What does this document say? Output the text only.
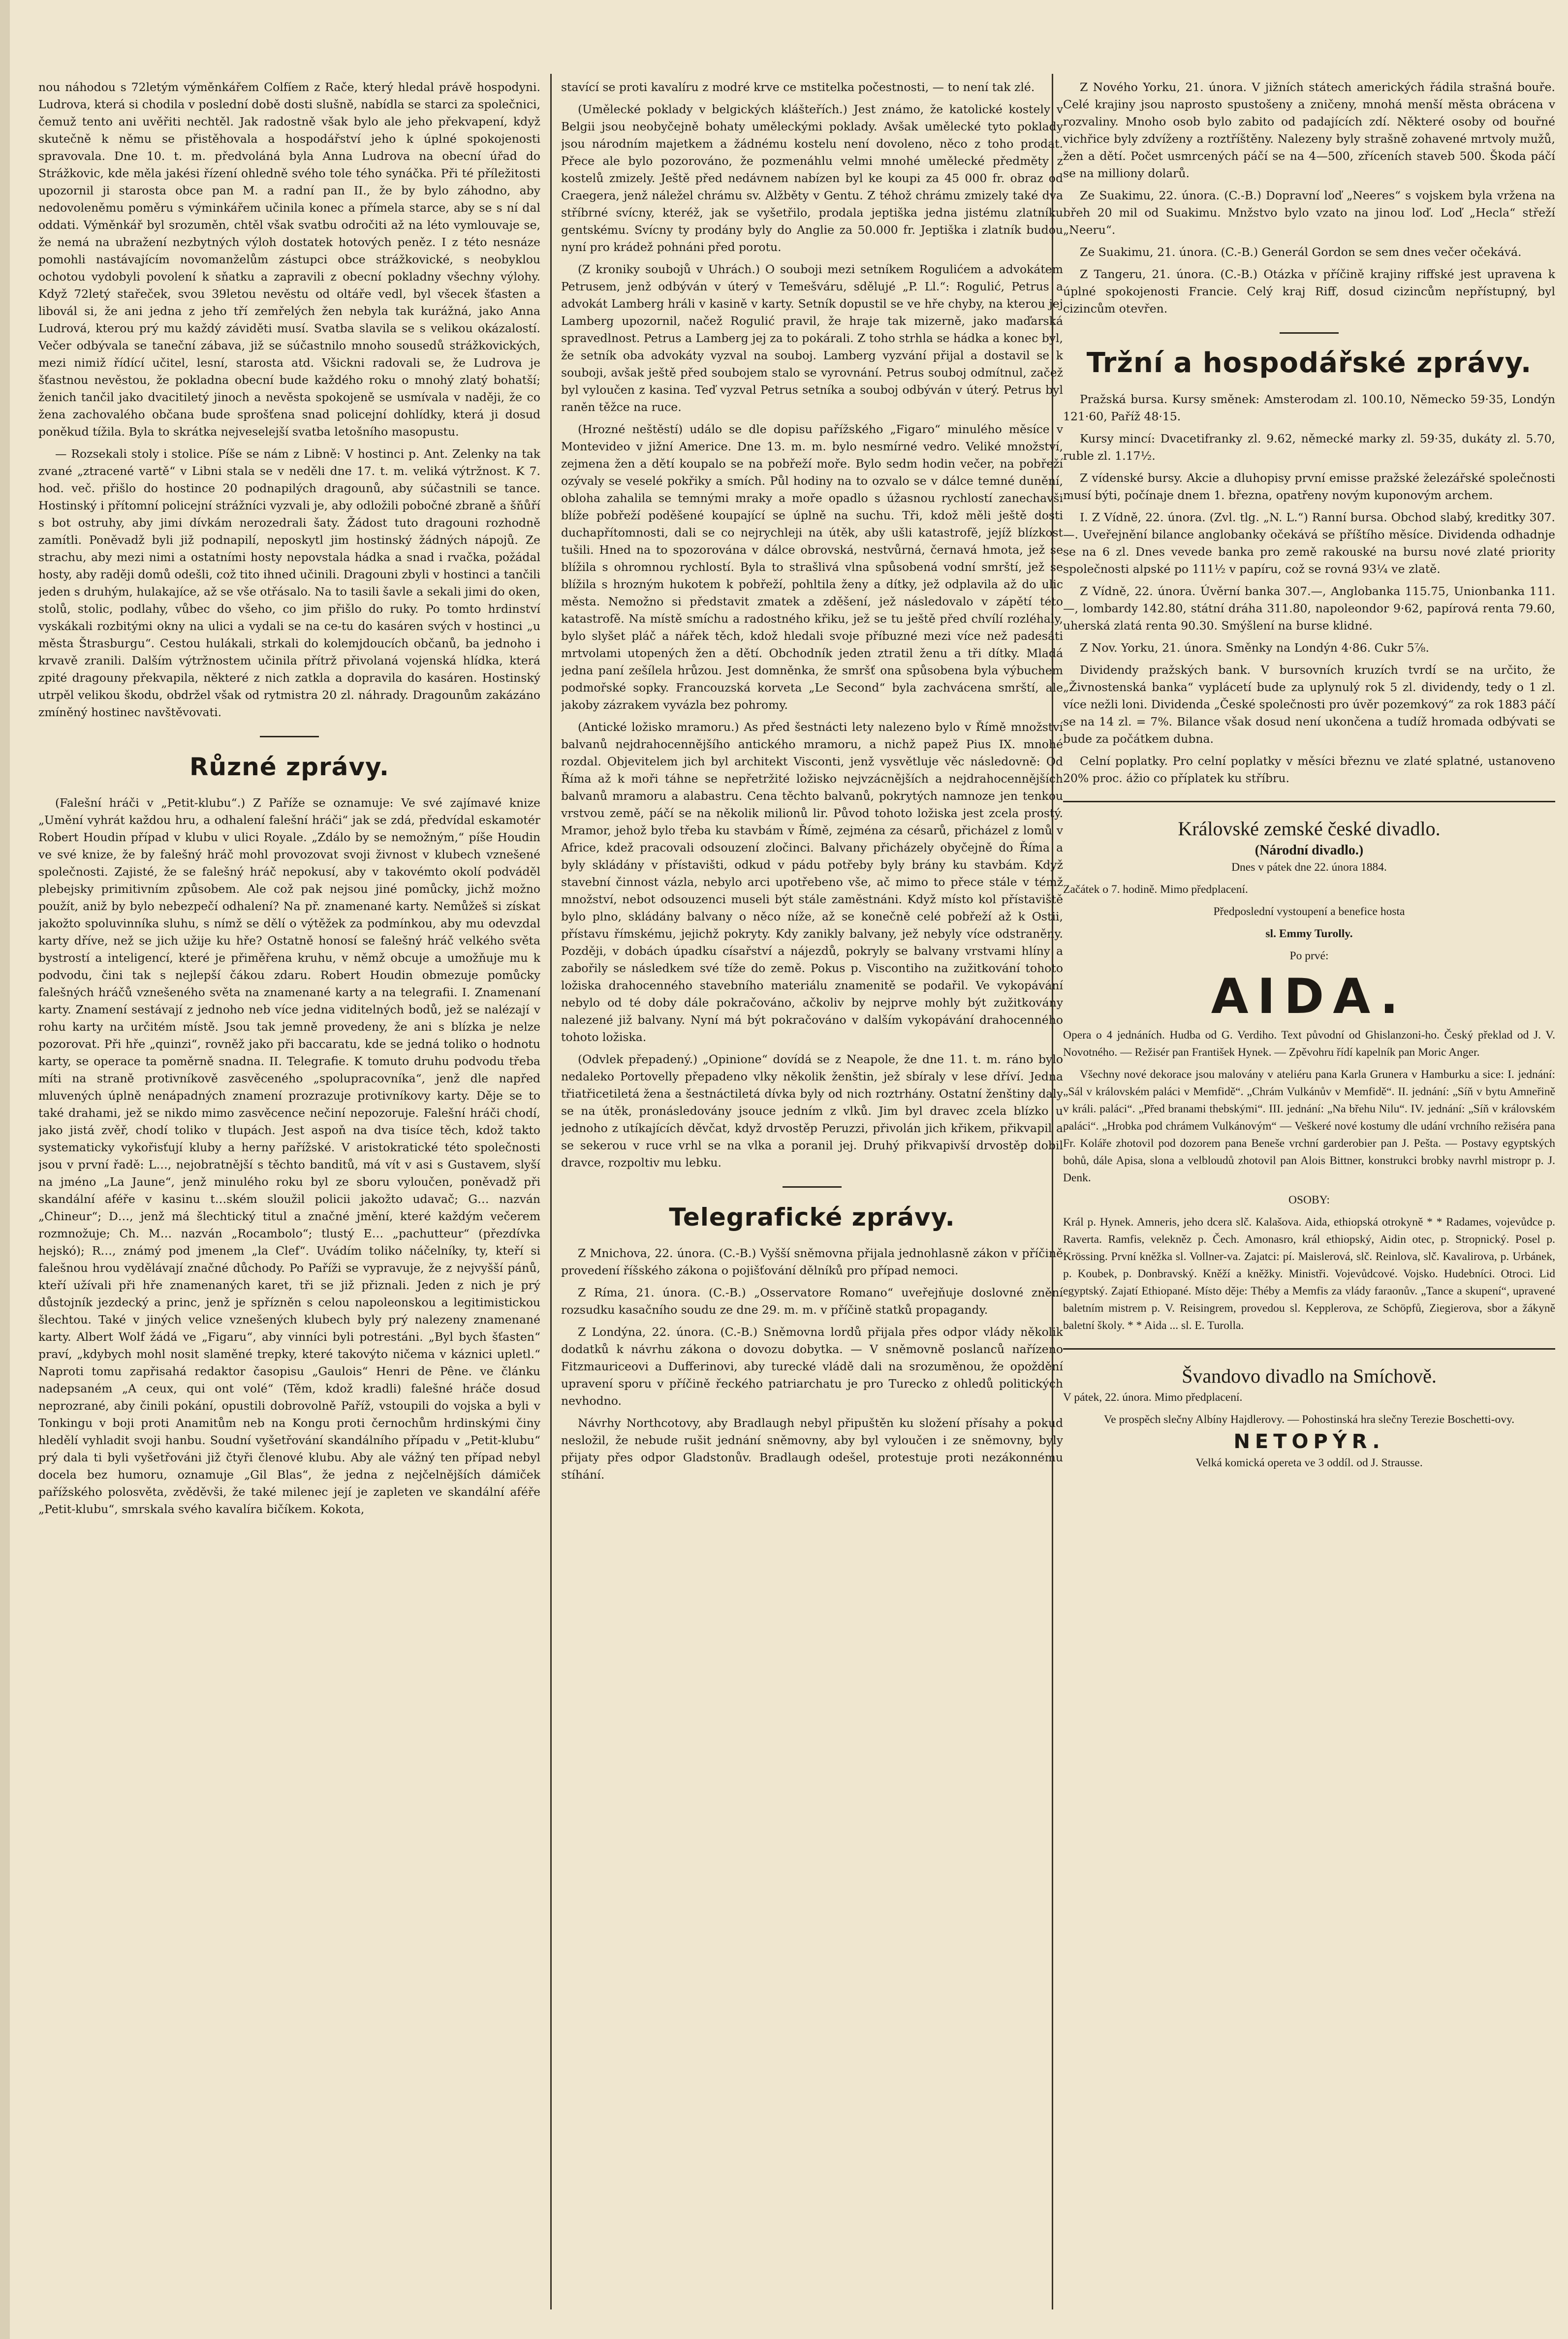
nou náhodou s 72letým výměnkářem Colfíem z Rače, který hledal právě hospodyni. Ludrova, která si chodila v poslední době dosti slušně, nabídla se starci za společnici, čemuž tento ani uvěřiti nechtěl. Jak radostně však bylo ale jeho překvapení, když skutečně k němu se přistěhovala a hospodářství jeho k úplné spokojenosti spravovala. Dne 10. t. m. předvoláná byla Anna Ludrova na obecní úřad do Strážkovic, kde měla jakési řízení ohledně svého tole tého synáčka. Při té příležitosti upozornil ji starosta obce pan M. a radní pan II., že by bylo záhodno, aby nedovoleněmu poměru s výminkářem učinila konec a přímela starce, aby se s ní dal oddati. Výměnkář byl srozuměn, chtěl však svatbu odročiti až na léto vymlouvaje se, že nemá na ubražení nezbytných výloh dostatek hotových peněz. I z této nesnáze pomohli nastávajícím novomanželům zástupci obce strážkovické, s neobyklou ochotou vydobyli povolení k sňatku a zapravili z obecní pokladny všechny výlohy. Když 72letý stařeček, svou 39letou nevěstu od oltáře vedl, byl všecek šťasten a libovál si, že ani jedna z jeho tří zemřelých žen nebyla tak kurážná, jako Anna Ludrová, kterou prý mu každý záviděti musí. Svatba slavila se s velikou okázalostí. Večer odbývala se taneční zábava, již se súčastnilo mnoho sousedů strážkovických, mezi nimiž řídící učitel, lesní, starosta atd. Všickni radovali se, že Ludrova je šťastnou nevěstou, že pokladna obecní bude každého roku o mnohý zlatý bohatší; ženich tančil jako dvacitiletý jinoch a nevěsta spokojeně se usmívala v naději, že co žena zachovalého občana bude sprošťena snad policejní dohlídky, která ji dosud poněkud tížila. Byla to skrátka nejveselejší svatba letošního masopustu.

— Rozsekali stoly i stolice. Píše se nám z Libně: V hostinci p. Ant. Zelenky na tak zvané „ztracené vartě“ v Libni stala se v neděli dne 17. t. m. veliká výtržnost. K 7. hod. več. přišlo do hostince 20 podnapilých dragounů, aby súčastnili se tance. Hostinský i přítomní policejní strážníci vyzvali je, aby odložili pobočné zbraně a šňůří s bot ostruhy, aby jimi dívkám nerozedrali šaty. Žádost tuto dragouni rozhodně zamítli. Poněvadž byli již podnapilí, neposkytl jim hostinský žádných nápojů. Ze strachu, aby mezi nimi a ostatními hosty nepovstala hádka a snad i rvačka, požádal hosty, aby raději domů odešli, což tito ihned učinili. Dragouni zbyli v hostinci a tančili jeden s druhým, hulakajíce, až se vše otřásalo. Na to tasili šavle a sekali jimi do oken, stolů, stolic, podlahy, vůbec do všeho, co jim přišlo do ruky. Po tomto hrdinství vyskákali rozbitými okny na ulici a vydali se na ce-tu do kasáren svých v hostinci „u města Štrasburgu“. Cestou hulákali, strkali do kolemjdoucích občanů, ba jednoho i krvavě zranili. Dalším výtržnostem učinila přítrž přivolaná vojenská hlídka, která zpité dragouny překvapila, některé z nich zatkla a dopravila do kasáren. Hostinský utrpěl velikou škodu, obdržel však od rytmistra 20 zl. náhrady. Dragounům zakázáno zmíněný hostinec navštěvovati.

Různé zprávy.

(Falešní hráči v „Petit-klubu“.) Z Paříže se oznamuje: Ve své zajímavé knize „Umění vyhrát každou hru, a odhalení falešní hráči“ jak se zdá, předvídal eskamotér Robert Houdin případ v klubu v ulici Royale. „Zdálo by se nemožným,“ píše Houdin ve své knize, že by falešný hráč mohl provozovat svoji živnost v klubech vznešené společnosti. Zajisté, že se falešný hráč nepokusí, aby v takovémto okolí podváděl plebejsky primitivním způsobem. Ale což pak nejsou jiné pomůcky, jichž možno použít, aniž by bylo nebezpečí odhalení? Na př. znamenané karty. Nemůžeš si získat jakožto spoluvinníka sluhu, s nímž se dělí o výtěžek za podmínkou, aby mu odevzdal karty dříve, než se jich užije ku hře? Ostatně honosí se falešný hráč velkého světa bystrostí a inteligencí, které je přiměřena kruhu, v němž obcuje a umožňuje mu k podvodu, čini tak s nejlepší čákou zdaru. Robert Houdin obmezuje pomůcky falešných hráčů vznešeného světa na znamenané karty a na telegrafii. I. Znamenaní karty. Znamení sestávají z jednoho neb více jedna viditelných bodů, jež se nalézají v rohu karty na určitém místě. Jsou tak jemně provedeny, že ani s blízka je nelze pozorovat. Při hře „quinzi“, rovněž jako při baccaratu, kde se jedná toliko o hodnotu karty, se operace ta poměrně snadna. II. Telegrafie. K tomuto druhu podvodu třeba míti na straně protivníkově zasvěceného „spolupracovníka“, jenž dle napřed mluvených úplně nenápadných znamení prozrazuje protivníkovy karty. Děje se to také drahami, jež se nikdo mimo zasvěcence nečiní nepozoruje. Falešní hráči chodí, jako jistá zvěř, chodí toliko v tlupách. Jest aspoň na dva tisíce těch, kdož takto systematicky vykořisťují kluby a herny pařížské. V aristokratické této společnosti jsou v první řadě: L…, nejobratnější s těchto banditů, má vít v asi s Gustavem, slyší na jméno „La Jaune“, jenž minulého roku byl ze sboru vyloučen, poněvadž při skandální aféře v kasinu t…ském sloužil policii jakožto udavač; G… nazván „Chineur“; D…, jenž má šlechtický titul a značné jmění, které každým večerem rozmnožuje; Ch. M… nazván „Rocambolo“; tlustý E… „pachutteur“ (přezdívka hejskó); R…, známý pod jmenem „la Clef“. Uvádím toliko náčelníky, ty, kteří si falešnou hrou vydělávají značné důchody. Po Paříži se vypravuje, že z nejvyšší pánů, kteří užívali při hře znamenaných karet, tři se již přiznali. Jeden z nich je prý důstojník jezdecký a princ, jenž je spřízněn s celou napoleonskou a legitimistickou šlechtou. Také v jiných velice vznešených klubech byly prý nalezeny znamenané karty. Albert Wolf žádá ve „Figaru“, aby vinníci byli potrestáni. „Byl bych šťasten“ praví, „kdybych mohl nosit slaměné trepky, které takovýto ničema v káznici upletl.“ Naproti tomu zapřisahá redaktor časopisu „Gaulois“ Henri de Pêne. ve článku nadepsaném „A ceux, qui ont volé“ (Těm, kdož kradli) falešné hráče dosud neprozrané, aby činili pokání, opustili dobrovolně Paříž, vstoupili do vojska a byli v Tonkingu v boji proti Anamitům neb na Kongu proti černochům hrdinskými činy hledělí vyhladit svoji hanbu. Soudní vyšetřování skandálního případu v „Petit-klubu“ prý dala ti byli vyšetřováni již čtyři členové klubu. Aby ale vážný ten případ nebyl docela bez humoru, oznamuje „Gil Blas“, že jedna z nejčelnějších dámiček pařížského polosvěta, zvěděvši, že také milenec její je zapleten ve skandální aféře „Petit-klubu“, smrskala svého kavalíra bičíkem. Kokota,

stavící se proti kavalíru z modré krve ce mstitelka počestnosti, — to není tak zlé.

(Umělecké poklady v belgických klášteřích.) Jest známo, že katolické kostely v Belgii jsou neobyčejně bohaty uměleckými poklady. Avšak umělecké tyto poklady jsou národním majetkem a žádnému kostelu není dovoleno, něco z toho prodat. Přece ale bylo pozorováno, že pozmenáhlu velmi mnohé umělecké předměty z kostelů zmizely. Ještě před nedávnem nabízen byl ke koupi za 45 000 fr. obraz od Craegera, jenž náležel chrámu sv. Alžběty v Gentu. Z téhož chrámu zmizely také dva stříbrné svícny, kteréž, jak se vyšetřilo, prodala jeptiška jedna jistému zlatníku gentskému. Svícny ty prodány byly do Anglie za 50.000 fr. Jeptiška i zlatník budou nyní pro krádež pohnáni před porotu.

(Z kroniky soubojů v Uhrách.) O souboji mezi setníkem Rogulićem a advokátem Petrusem, jenž odbýván v úterý v Temešváru, sdělujé „P. Ll.“: Rogulić, Petrus a advokát Lamberg hráli v kasině v karty. Setník dopustil se ve hře chyby, na kterou jej Lamberg upozornil, načež Rogulić pravil, že hraje tak mizerně, jako maďarská spravedlnost. Petrus a Lamberg jej za to pokárali. Z toho strhla se hádka a konec byl, že setník oba advokáty vyzval na souboj. Lamberg vyzvání přijal a dostavil se k souboji, avšak ještě před soubojem stalo se vyrovnání. Petrus souboj odmítnul, začež byl vyloučen z kasina. Teď vyzval Petrus setníka a souboj odbýván v úterý. Petrus byl raněn těžce na ruce.

(Hrozné neštěstí) událo se dle dopisu pařížského „Figaro“ minulého měsíce v Montevideo v jižní Americe. Dne 13. m. m. bylo nesmírné vedro. Veliké množství, zejmena žen a dětí koupalo se na pobřeží moře. Bylo sedm hodin večer, na pobřeží ozývaly se veselé pokřiky a smích. Půl hodiny na to ozvalo se v dálce temné dunění, obloha zahalila se temnými mraky a moře opadlo s úžasnou rychlostí zanechavši blíže pobřeží poděšené koupající se úplně na suchu. Tři, kdož měli ještě dosti duchapřítomnosti, dali se co nejrychleji na útěk, aby ušli katastrofě, jejíž blízkost tušili. Hned na to spozorována v dálce obrovská, nestvůrná, černavá hmota, jež se blížila s ohromnou rychlostí. Byla to strašlivá vlna spůsobená vodní smrští, jež se blížila s hrozným hukotem k pobřeží, pohltila ženy a dítky, jež odplavila až do ulic města. Nemožno si představit zmatek a zděšení, jež následovalo v zápětí této katastrofě. Na místě smíchu a radostného křiku, jež se tu ještě před chvílí rozléhaly, bylo slyšet pláč a nářek těch, kdož hledali svoje příbuzné mezi více než padesáti mrtvolami utopených žen a dětí. Obchodník jeden ztratil ženu a tři dítky. Mladá jedna paní zešílela hrůzou. Jest domněnka, že smršť ona spůsobena byla výbuchem podmořské sopky. Francouzská korveta „Le Second“ byla zachvácena smrští, ale jakoby zázrakem vyvázla bez pohromy.

(Antické ložisko mramoru.) As před šestnácti lety nalezeno bylo v Římě množství balvanů nejdrahocennějšího antického mramoru, a nichž papež Pius IX. mnohé rozdal. Objevitelem jich byl architekt Visconti, jenž vysvětluje věc následovně: Od Říma až k moři táhne se nepřetržité ložisko nejvzácnějších a nejdrahocennějších balvanů mramoru a alabastru. Cena těchto balvanů, pokrytých namnoze jen tenkou vrstvou země, páčí se na několik milionů lir. Původ tohoto ložiska jest zcela prostý. Mramor, jehož bylo třeba ku stavbám v Římě, zejména za césarů, přicházel z lomů v Africe, kdež pracovali odsouzení zločinci. Balvany přicházely obyčejně do Říma a byly skládány v přístavišti, odkud v pádu potřeby byly brány ku stavbám. Když stavební činnost vázla, nebylo arci upotřebeno vše, ač mimo to přece stále v témž množství, nebot odsouzenci museli být stále zaměstnáni. Když místo kol přístaviště bylo plno, skládány balvany o něco níže, až se konečně celé pobřeží až k Ostii, přístavu římskému, jejichž pokryty. Kdy zanikly balvany, jež nebyly více odstraněny. Později, v dobách úpadku císařství a nájezdů, pokryly se balvany vrstvami hlíny a zabořily se následkem své tíže do země. Pokus p. Viscontiho na zužitkování tohoto ložiska drahocenného stavebního materiálu znamenitě se podařil. Ve vykopávání nebylo od té doby dále pokračováno, ačkoliv by nejprve mohly být zužitkovány nalezené již balvany. Nyní má být pokračováno v dalším vykopávání drahocenného tohoto ložiska.

(Odvlek přepadený.) „Opinione“ dovídá se z Neapole, že dne 11. t. m. ráno bylo nedaleko Portovelly přepadeno vlky několik ženštin, jež sbíraly v lese dříví. Jedna třiatřicetiletá žena a šestnáctiletá dívka byly od nich roztrhány. Ostatní ženštiny daly se na útěk, pronásledovány jsouce jedním z vlků. Jim byl dravec zcela blízko u jednoho z utíkajících děvčat, když drvostěp Peruzzi, přivolán jich křikem, přikvapil a se sekerou v ruce vrhl se na vlka a poranil jej. Druhý přikvapivší drvostěp dobil dravce, rozpoltiv mu lebku.

Telegrafické zprávy.

Z Mnichova, 22. února. (C.-B.) Vyšší sněmovna přijala jednohlasně zákon v příčině provedení říšského zákona o pojišťování dělníků pro případ nemoci.

Z Ríma, 21. února. (C.-B.) „Osservatore Romano“ uveřejňuje doslovné znění rozsudku kasačního soudu ze dne 29. m. m. v příčině statků propagandy.

Z Londýna, 22. února. (C.-B.) Sněmovna lordů přijala přes odpor vlády několik dodatků k návrhu zákona o dovozu dobytka. — V sněmovně poslanců nařízeno Fitzmauriceovi a Dufferinovi, aby turecké vládě dali na srozuměnou, že opoždění upravení sporu v příčině řeckého patriarchatu je pro Turecko z ohledů politických nevhodno.

Návrhy Northcotovy, aby Bradlaugh nebyl připuštěn ku složení přísahy a pokud nesložil, že nebude rušit jednání sněmovny, aby byl vyloučen i ze sněmovny, byly přijaty přes odpor Gladstonův. Bradlaugh odešel, protestuje proti nezákonnému stíhání.

Z Nového Yorku, 21. února. V jižních státech amerických řádila strašná bouře. Celé krajiny jsou naprosto spustošeny a zničeny, mnohá menší města obrácena v rozvaliny. Mnoho osob bylo zabito od padajících zdí. Některé osoby od bouřné vichřice byly zdvíženy a roztříštěny. Nalezeny byly strašně zohavené mrtvoly mužů, žen a dětí. Počet usmrcených páčí se na 4—500, zříceních staveb 500. Škoda páčí se na milliony dolarů.

Ze Suakimu, 22. února. (C.-B.) Dopravní loď „Neeres“ s vojskem byla vržena na břeh 20 mil od Suakimu. Mnžstvo bylo vzato na jinou loď. Loď „Hecla“ střeží „Neeru“.

Ze Suakimu, 21. února. (C.-B.) Generál Gordon se sem dnes večer očekává.

Z Tangeru, 21. února. (C.-B.) Otázka v příčině krajiny riffské jest upravena k úplné spokojenosti Francie. Celý kraj Riff, dosud cizincům nepřístupný, byl cizincům otevřen.

Tržní a hospodářské zprávy.

Pražská bursa. Kursy směnek: Amsterodam zl. 100.10, Německo 59·35, Londýn 121·60, Paříž 48·15.

Kursy mincí: Dvacetifranky zl. 9.62, německé marky zl. 59·35, dukáty zl. 5.70, ruble zl. 1.17½.

Z vídenské bursy. Akcie a dluhopisy první emisse pražské železářské společnosti musí býti, počínaje dnem 1. března, opatřeny novým kuponovým archem.

I. Z Vídně, 22. února. (Zvl. tlg. „N. L.“) Ranní bursa. Obchod slabý, kreditky 307.—. Uveřejnění bilance anglobanky očekává se příštího měsíce. Dividenda odhadnje se na 6 zl. Dnes vevede banka pro země rakouské na bursu nové zlaté priority společnosti alpské po 111½ v papíru, což se rovná 93¼ ve zlatě.

Z Vídně, 22. února. Úvěrní banka 307.—, Anglobanka 115.75, Unionbanka 111.—, lombardy 142.80, státní dráha 311.80, napoleondor 9·62, papírová renta 79.60, uherská zlatá renta 90.30. Smýšlení na burse klidné.

Z Nov. Yorku, 21. února. Směnky na Londýn 4·86. Cukr 5⅞.

Dividendy pražských bank. V bursovních kruzích tvrdí se na určito, že „Živnostenská banka“ vyplácetí bude za uplynulý rok 5 zl. dividendy, tedy o 1 zl. více nežli loni. Dividenda „České společnosti pro úvěr pozemkový“ za rok 1883 páčí se na 14 zl. = 7%. Bilance však dosud není ukončena a tudíž hromada odbývati se bude za počátkem dubna.

Celní poplatky. Pro celní poplatky v měsíci březnu ve zlaté splatné, ustanoveno 20% proc. ážio co příplatek ku stříbru.

Královské zemské české divadlo.
(Národní divadlo.)

Dnes v pátek dne 22. února 1884.

Začátek o 7. hodině. Mimo předplacení.

Předposlední vystoupení a benefice hosta

sl. Emmy Turolly.

Po prvé:

AIDA.

Opera o 4 jednáních. Hudba od G. Verdiho. Text původní od Ghislanzoni-ho. Český překlad od J. V. Novotného. — Režisér pan František Hynek. — Zpěvohru řídí kapelník pan Moric Anger.

Všechny nové dekorace jsou malovány v ateliéru pana Karla Grunera v Hamburku a sice: I. jednání: „Sál v královském paláci v Memfidě“. „Chrám Vulkánův v Memfidě“. II. jednání: „Síň v bytu Amneřině v králi. paláci“. „Před branami thebskými“. III. jednání: „Na břehu Nilu“. IV. jednání: „Síň v královském paláci“. „Hrobka pod chrámem Vulkánovým“ — Veškeré nové kostumy dle udání vrchního režiséra pana Fr. Koláře zhotovil pod dozorem pana Beneše vrchní garderobier pan J. Pešta. — Postavy egyptských bohů, dále Apisa, slona a velbloudů zhotovil pan Alois Bittner, konstrukci brobky navrhl mistropr p. J. Denk.

OSOBY:

Král p. Hynek. Amneris, jeho dcera slč. Kalašova. Aida, ethiopská otrokyně * * Radames, vojevůdce p. Raverta. Ramfis, velekněz p. Čech. Amonasro, král ethiopský, Aidin otec, p. Stropnický. Posel p. Krössing. První kněžka sl. Vollner-va. Zajatci: pí. Maislerová, slč. Reinlova, slč. Kavalirova, p. Urbánek, p. Koubek, p. Donbravský. Kněží a kněžky. Ministři. Vojevůdcové. Vojsko. Hudebníci. Otroci. Lid egyptský. Zajatí Ethiopané. Místo děje: Théby a Memfis za vlády faraonův. „Tance a skupení“, upravené baletním mistrem p. V. Reisingrem, provedou sl. Kepplerova, ze Schöpfů, Ziegierova, sbor a žákyně baletní školy. * * Aida ... sl. E. Turolla.

Švandovo divadlo na Smíchově.

V pátek, 22. února. Mimo předplacení.

Ve prospěch slečny Albíny Hajdlerovy. — Pohostinská hra slečny Terezie Boschetti-ovy.

NETOPÝR.

Velká komická opereta ve 3 oddíl. od J. Strausse.
